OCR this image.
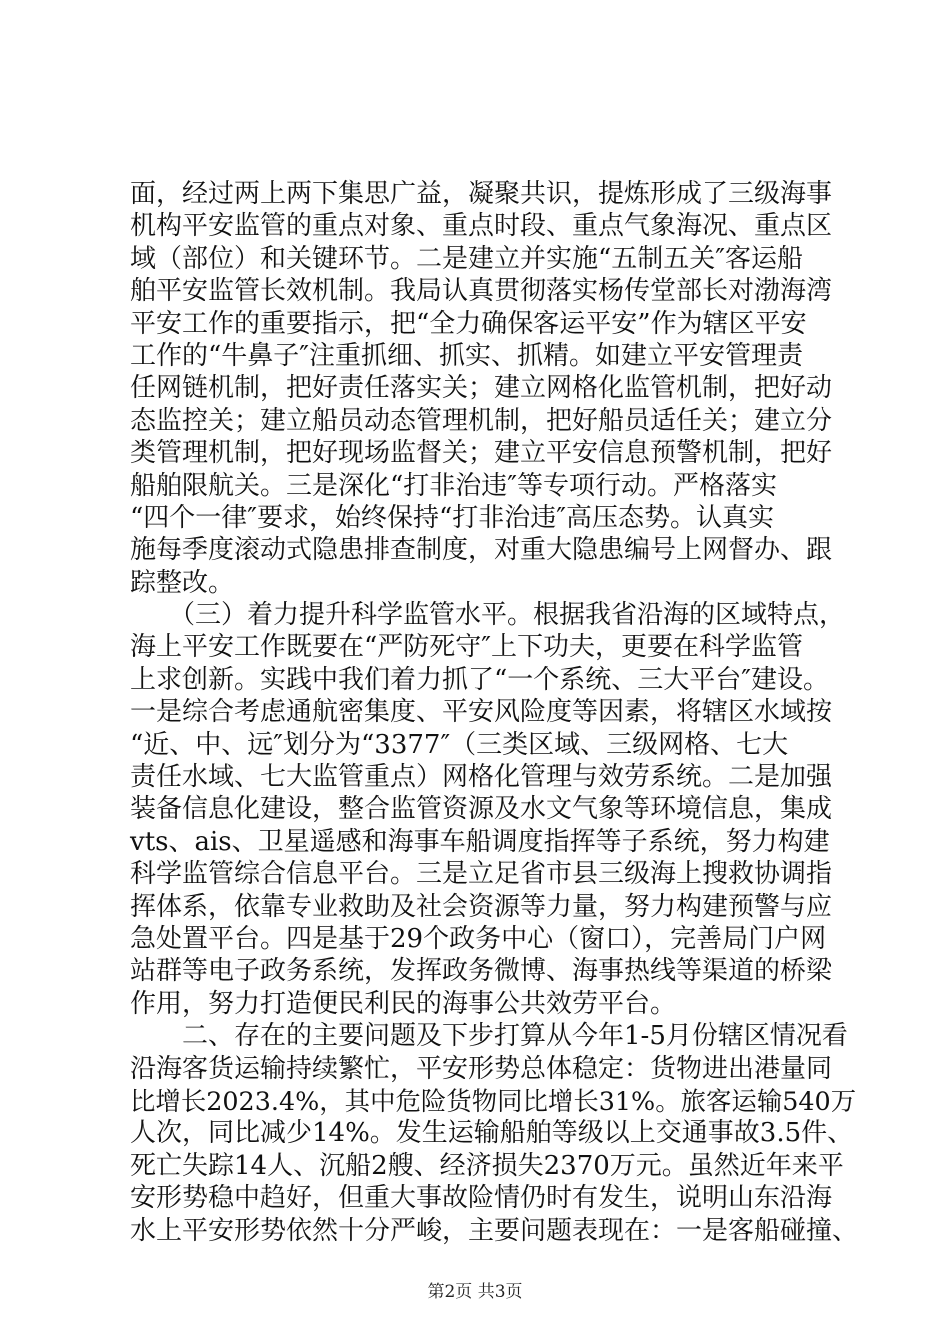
面，经过两上两下集思广益，凝聚共识，提炼形成了三级海事
机构平安监管的重点对象、重点时段、重点气象海况、重点区
域（部位）和关键环节。二是建立并实施“五制五关″客运船
舶平安监管长效机制。我局认真贯彻落实杨传堂部长对渤海湾
平安工作的重要指示，把“全力确保客运平安”作为辖区平安
工作的“牛鼻子″注重抓细、抓实、抓精。如建立平安管理责
任网链机制，把好责任落实关；建立网格化监管机制，把好动
态监控关；建立船员动态管理机制，把好船员适任关；建立分
类管理机制，把好现场监督关；建立平安信息预警机制，把好
船舶限航关。三是深化“打非治违″等专项行动。严格落实
“四个一律″要求，始终保持“打非治违″高压态势。认真实
施每季度滚动式隐患排查制度，对重大隐患编号上网督办、跟
踪整改。
　　（三）着力提升科学监管水平。根据我省沿海的区域特点，
海上平安工作既要在“严防死守″上下功夫，更要在科学监管
上求创新。实践中我们着力抓了“一个系统、三大平台″建设。
一是综合考虑通航密集度、平安风险度等因素，将辖区水域按
“近、中、远″划分为“3377″（三类区域、三级网格、七大
责任水域、七大监管重点）网格化管理与效劳系统。二是加强
装备信息化建设，整合监管资源及水文气象等环境信息，集成
vts、ais、卫星遥感和海事车船调度指挥等子系统，努力构建
科学监管综合信息平台。三是立足省市县三级海上搜救协调指
挥体系，依靠专业救助及社会资源等力量，努力构建预警与应
急处置平台。四是基于29个政务中心（窗口），完善局门户网
站群等电子政务系统，发挥政务微博、海事热线等渠道的桥梁
作用，努力打造便民利民的海事公共效劳平台。
　　二、存在的主要问题及下步打算从今年1-5月份辖区情况看
沿海客货运输持续繁忙，平安形势总体稳定：货物进出港量同
比增长2023.4%，其中危险货物同比增长31%。旅客运输540万
人次，同比减少14%。发生运输船舶等级以上交通事故3.5件、
死亡失踪14人、沉船2艘、经济损失2370万元。虽然近年来平
安形势稳中趋好，但重大事故险情仍时有发生，说明山东沿海
水上平安形势依然十分严峻，主要问题表现在：一是客船碰撞、
第2页 共3页
